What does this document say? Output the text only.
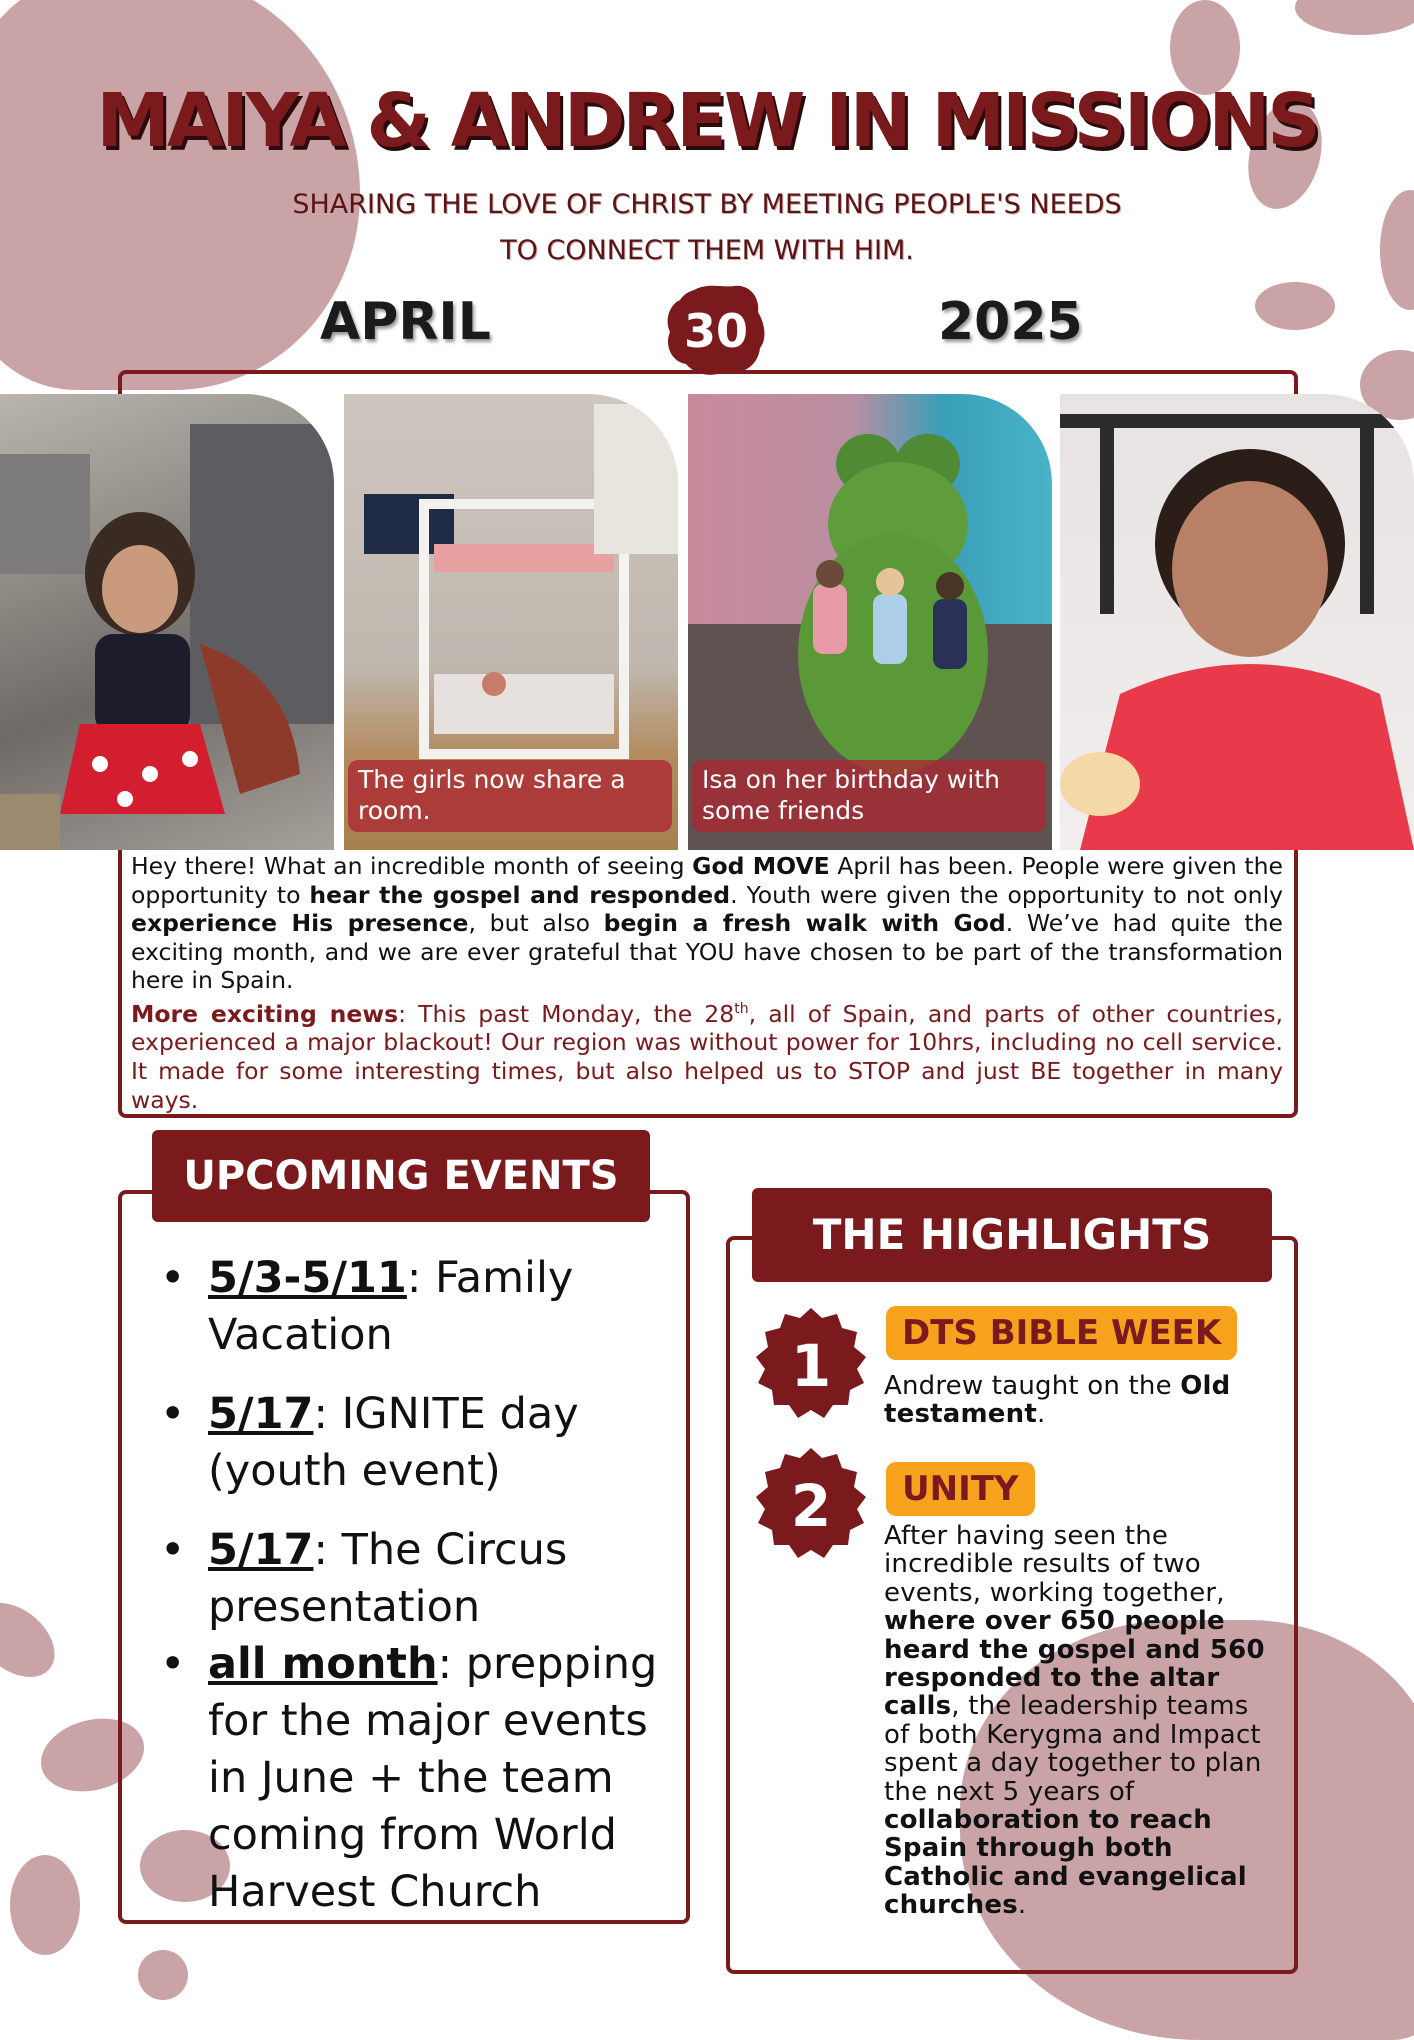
MAIYA & ANDREW IN MISSIONS
SHARING THE LOVE OF CHRIST BY MEETING PEOPLE'S NEEDS
TO CONNECT THEM WITH HIM.
APRIL	30	2025
The girls now share a room.
Isa on her birthday with some friends

Hey there! What an incredible month of seeing God MOVE April has been. People were given the opportunity to hear the gospel and responded. Youth were given the opportunity to not only experience His presence, but also begin a fresh walk with God. We’ve had quite the exciting month, and we are ever grateful that YOU have chosen to be part of the transformation here in Spain.

More exciting news: This past Monday, the 28th, all of Spain, and parts of other countries, experienced a major blackout! Our region was without power for 10hrs, including no cell service. It made for some interesting times, but also helped us to STOP and just BE together in many ways.

UPCOMING EVENTS
• 5/3-5/11: Family Vacation
• 5/17: IGNITE day (youth event)
• 5/17: The Circus presentation
• all month: prepping for the major events in June + the team coming from World Harvest Church
THE HIGHLIGHTS
1	DTS BIBLE WEEK

Andrew taught on the Old testament.

2	UNITY

After having seen the incredible results of two events, working together, where over 650 people heard the gospel and 560 responded to the altar calls, the leadership teams of both Kerygma and Impact spent a day together to plan the next 5 years of collaboration to reach Spain through both Catholic and evangelical churches.
